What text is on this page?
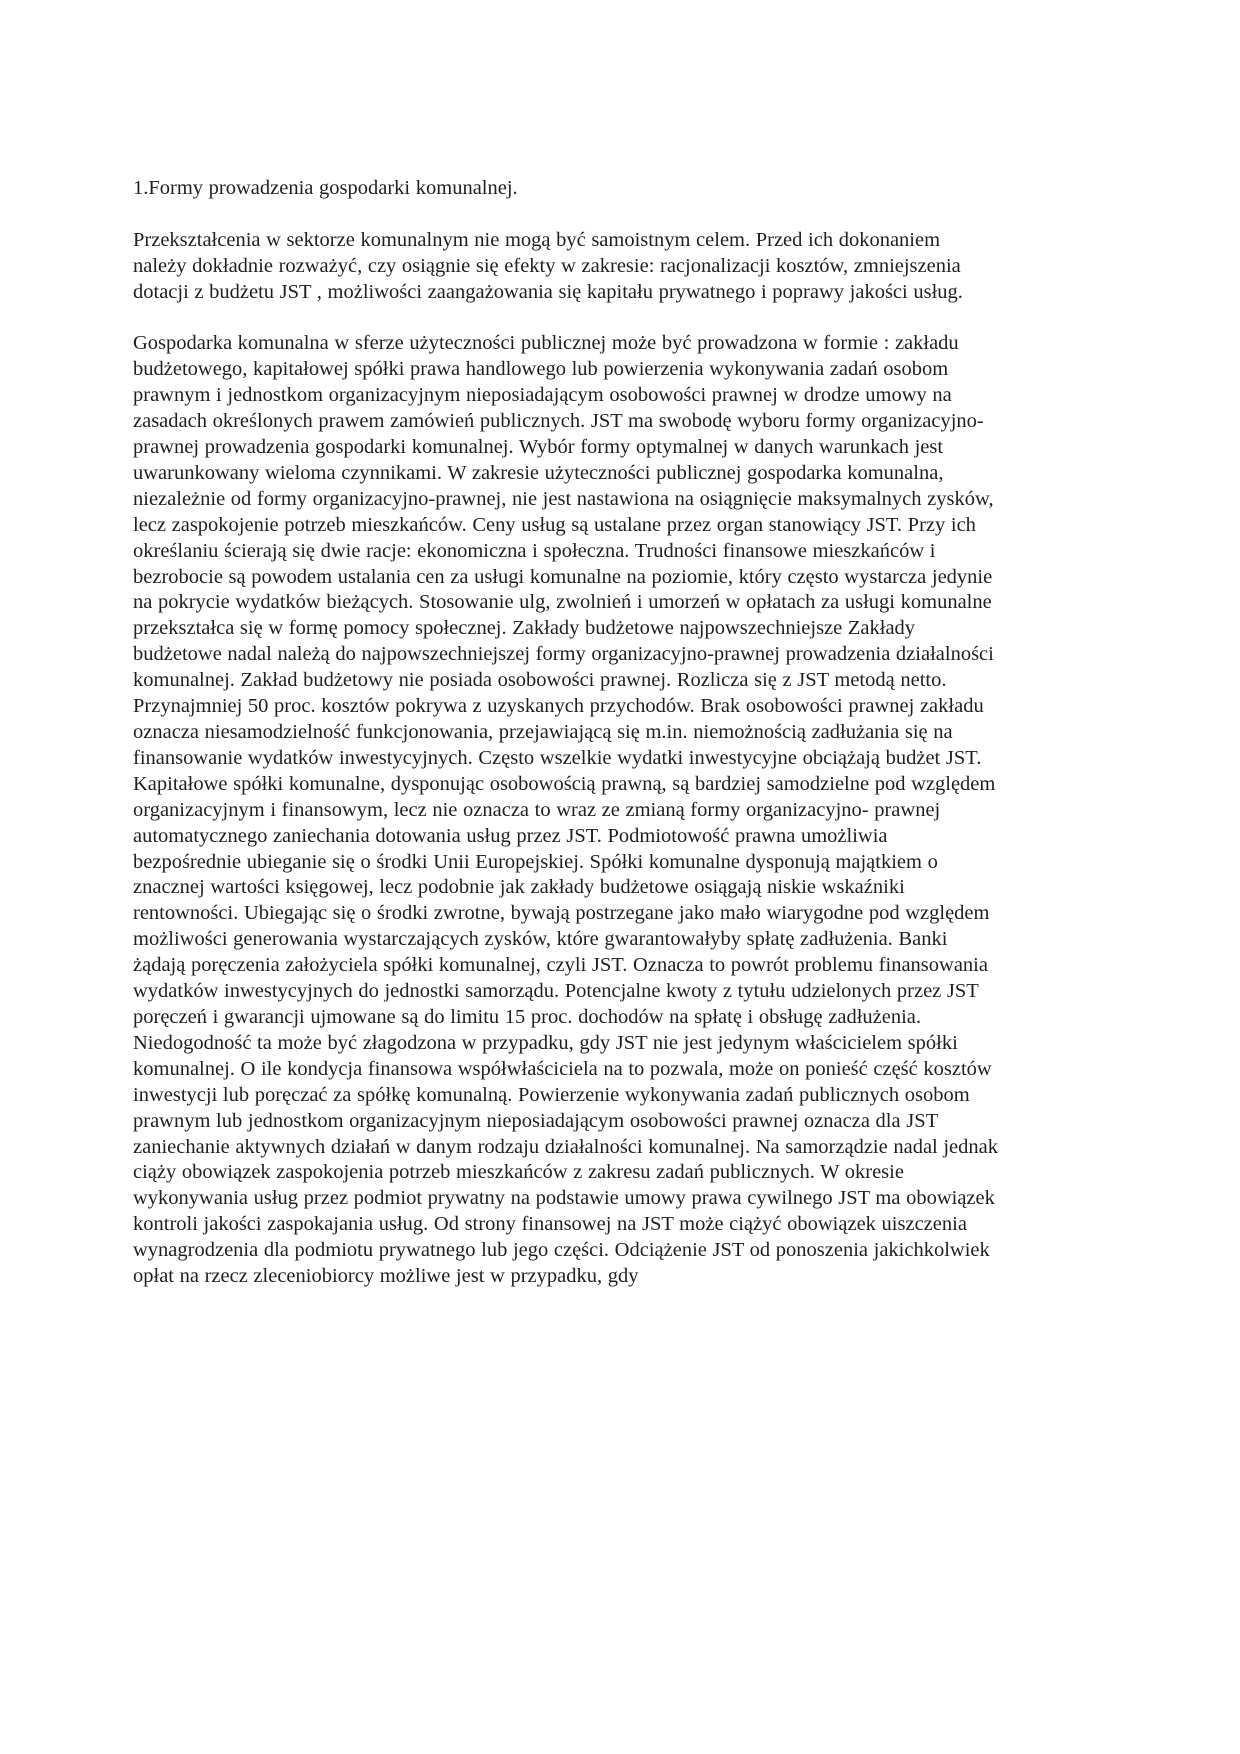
1.Formy prowadzenia gospodarki komunalnej.

Przekształcenia w sektorze komunalnym nie mogą być samoistnym celem. Przed ich dokonaniem należy dokładnie rozważyć, czy osiągnie się efekty w zakresie: racjonalizacji kosztów, zmniejszenia dotacji z budżetu JST , możliwości zaangażowania się kapitału prywatnego i poprawy jakości usług.

Gospodarka komunalna w sferze użyteczności publicznej może być prowadzona w formie : zakładu budżetowego, kapitałowej spółki prawa handlowego lub powierzenia wykonywania zadań osobom prawnym i jednostkom organizacyjnym nieposiadającym osobowości prawnej w drodze umowy na zasadach określonych prawem zamówień publicznych. JST ma swobodę wyboru formy organizacyjno- prawnej prowadzenia gospodarki komunalnej. Wybór formy optymalnej w danych warunkach jest uwarunkowany wieloma czynnikami. W zakresie użyteczności publicznej gospodarka komunalna, niezależnie od formy organizacyjno-prawnej, nie jest nastawiona na osiągnięcie maksymalnych zysków, lecz zaspokojenie potrzeb mieszkańców. Ceny usług są ustalane przez organ stanowiący JST. Przy ich określaniu ścierają się dwie racje: ekonomiczna i społeczna. Trudności finansowe mieszkańców i bezrobocie są powodem ustalania cen za usługi komunalne na poziomie, który często wystarcza jedynie na pokrycie wydatków bieżących. Stosowanie ulg, zwolnień i umorzeń w opłatach za usługi komunalne przekształca się w formę pomocy społecznej. Zakłady budżetowe najpowszechniejsze Zakłady budżetowe nadal należą do najpowszechniejszej formy organizacyjno-prawnej prowadzenia działalności komunalnej. Zakład budżetowy nie posiada osobowości prawnej. Rozlicza się z JST metodą netto. Przynajmniej 50 proc. kosztów pokrywa z uzyskanych przychodów. Brak osobowości prawnej zakładu oznacza niesamodzielność funkcjonowania, przejawiającą się m.in. niemożnością zadłużania się na finansowanie wydatków inwestycyjnych. Często wszelkie wydatki inwestycyjne obciążają budżet JST. Kapitałowe spółki komunalne, dysponując osobowością prawną, są bardziej samodzielne pod względem organizacyjnym i finansowym, lecz nie oznacza to wraz ze zmianą formy organizacyjno- prawnej automatycznego zaniechania dotowania usług przez JST. Podmiotowość prawna umożliwia bezpośrednie ubieganie się o środki Unii Europejskiej. Spółki komunalne dysponują majątkiem o znacznej wartości księgowej, lecz podobnie jak zakłady budżetowe osiągają niskie wskaźniki rentowności. Ubiegając się o środki zwrotne, bywają postrzegane jako mało wiarygodne pod względem możliwości generowania wystarczających zysków, które gwarantowałyby spłatę zadłużenia. Banki żądają poręczenia założyciela spółki komunalnej, czyli JST. Oznacza to powrót problemu finansowania wydatków inwestycyjnych do jednostki samorządu. Potencjalne kwoty z tytułu udzielonych przez JST poręczeń i gwarancji ujmowane są do limitu 15 proc. dochodów na spłatę i obsługę zadłużenia. Niedogodność ta może być złagodzona w przypadku, gdy JST nie jest jedynym właścicielem spółki komunalnej. O ile kondycja finansowa współwłaściciela na to pozwala, może on ponieść część kosztów inwestycji lub poręczać za spółkę komunalną. Powierzenie wykonywania zadań publicznych osobom prawnym lub jednostkom organizacyjnym nieposiadającym osobowości prawnej oznacza dla JST zaniechanie aktywnych działań w danym rodzaju działalności komunalnej. Na samorządzie nadal jednak ciąży obowiązek zaspokojenia potrzeb mieszkańców z zakresu zadań publicznych. W okresie wykonywania usług przez podmiot prywatny na podstawie umowy prawa cywilnego JST ma obowiązek kontroli jakości zaspokajania usług. Od strony finansowej na JST może ciążyć obowiązek uiszczenia wynagrodzenia dla podmiotu prywatnego lub jego części. Odciążenie JST od ponoszenia jakichkolwiek opłat na rzecz zleceniobiorcy możliwe jest w przypadku, gdy
